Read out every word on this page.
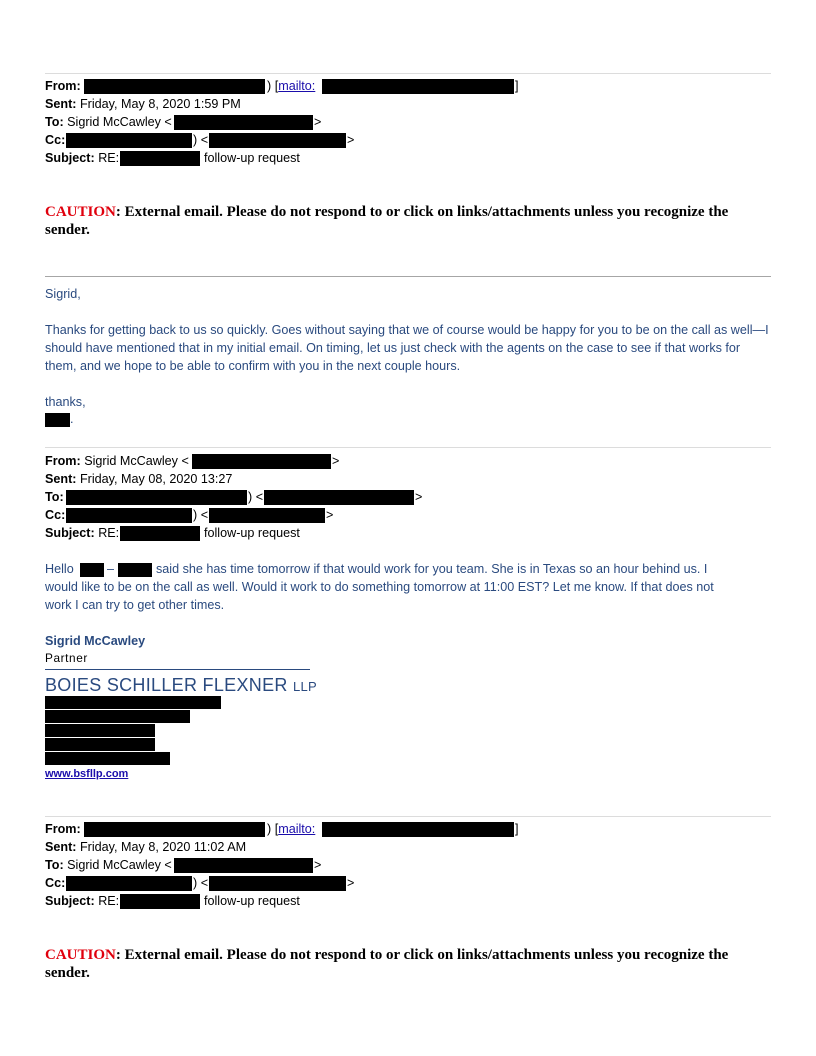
From:	) [mailto:	]
Sent: Friday, May 8, 2020 1:59 PM
To: Sigrid McCawley <	>
Cc:	) <	>
Subject: RE:	follow-up request
CAUTION: External email. Please do not respond to or click on links/attachments unless you recognize the sender.
Sigrid,
Thanks for getting back to us so quickly. Goes without saying that we of course would be happy for you to be on the call as well—I should have mentioned that in my initial email. On timing, let us just check with the agents on the case to see if that works for them, and we hope to be able to confirm with you in the next couple hours.
thanks,
.
From: Sigrid McCawley <	>
Sent: Friday, May 08, 2020 13:27
To:	) <	>
Cc:	) <	>
Subject: RE:	follow-up request
Hello	–	said she has time tomorrow if that would work for you team. She is in Texas so an hour behind us. I
would like to be on the call as well. Would it work to do something tomorrow at 11:00 EST? Let me know. If that does not
work I can try to get other times.
Sigrid McCawley
Partner
BOIES SCHILLER FLEXNER LLP
www.bsfllp.com
From:	) [mailto:	]
Sent: Friday, May 8, 2020 11:02 AM
To: Sigrid McCawley <	>
Cc:	) <	>
Subject: RE:	follow-up request
CAUTION: External email. Please do not respond to or click on links/attachments unless you recognize the sender.
